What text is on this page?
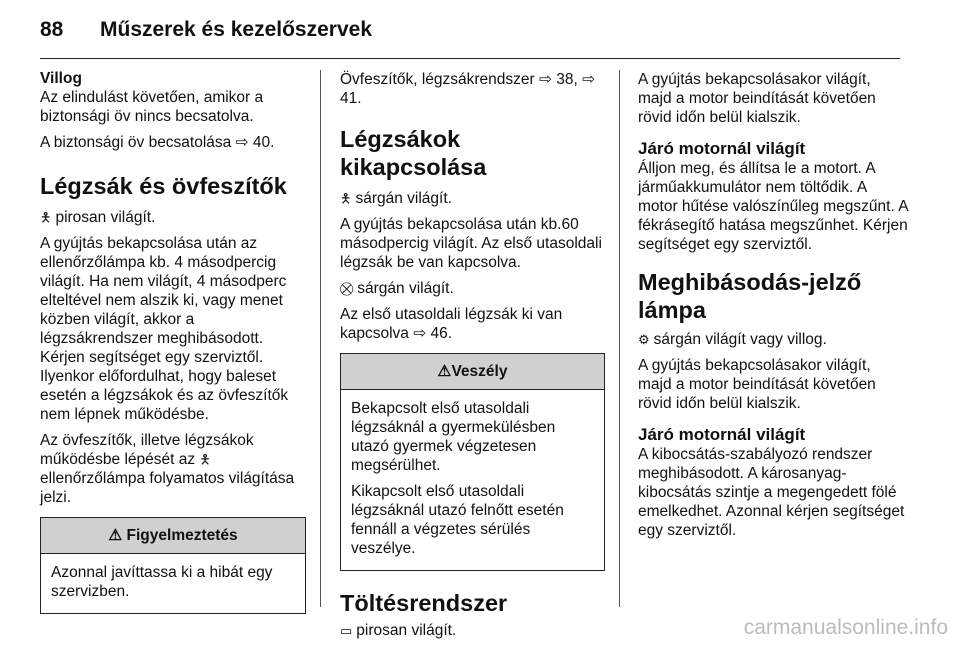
88 Műszerek és kezelőszervek
Villog

Az elindulást követően, amikor a biztonsági öv nincs becsatolva.

A biztonsági öv becsatolása ⇨ 40.

Légzsák és övfeszítők

🯅 pirosan világít.

A gyújtás bekapcsolása után az ellenőrzőlámpa kb. 4 másodpercig világít. Ha nem világít, 4 másodperc elteltével nem alszik ki, vagy menet közben világít, akkor a légzsákrendszer meghibásodott. Kérjen segítséget egy szerviztől. Ilyenkor előfordulhat, hogy baleset esetén a légzsákok és az övfeszítők nem lépnek működésbe.

Az övfeszítők, illetve légzsákok működésbe lépését az 🯅
ellenőrzőlámpa folyamatos világítása jelzi.

⚠ Figyelmeztetés

Azonnal javíttassa ki a hibát egy szervizben.

Övfeszítők, légzsákrendszer ⇨ 38, ⇨ 41.

Légzsákok kikapcsolása

🯅 sárgán világít.

A gyújtás bekapcsolása után kb.60 másodpercig világít. Az első utasoldali légzsák be van kapcsolva.

⛒ sárgán világít.

Az első utasoldali légzsák ki van kapcsolva ⇨ 46.

⚠Veszély

Bekapcsolt első utasoldali légzsáknál a gyermekülésben utazó gyermek végzetesen megsérülhet.

Kikapcsolt első utasoldali légzsáknál utazó felnőtt esetén fennáll a végzetes sérülés veszélye.

Töltésrendszer

▭ pirosan világít.

A gyújtás bekapcsolásakor világít, majd a motor beindítását követően rövid időn belül kialszik.

Járó motornál világít

Álljon meg, és állítsa le a motort. A járműakkumulátor nem töltődik. A motor hűtése valószínűleg megszűnt. A fékrásegítő hatása megszűnhet. Kérjen segítséget egy szerviztől.

Meghibásodás-jelző
lámpa

⚙ sárgán világít vagy villog.

A gyújtás bekapcsolásakor világít, majd a motor beindítását követően rövid időn belül kialszik.

Járó motornál világít

A kibocsátás-szabályozó rendszer meghibásodott. A károsanyag-kibocsátás szintje a megengedett fölé emelkedhet. Azonnal kérjen segítséget egy szerviztől.

carmanualsonline.info
